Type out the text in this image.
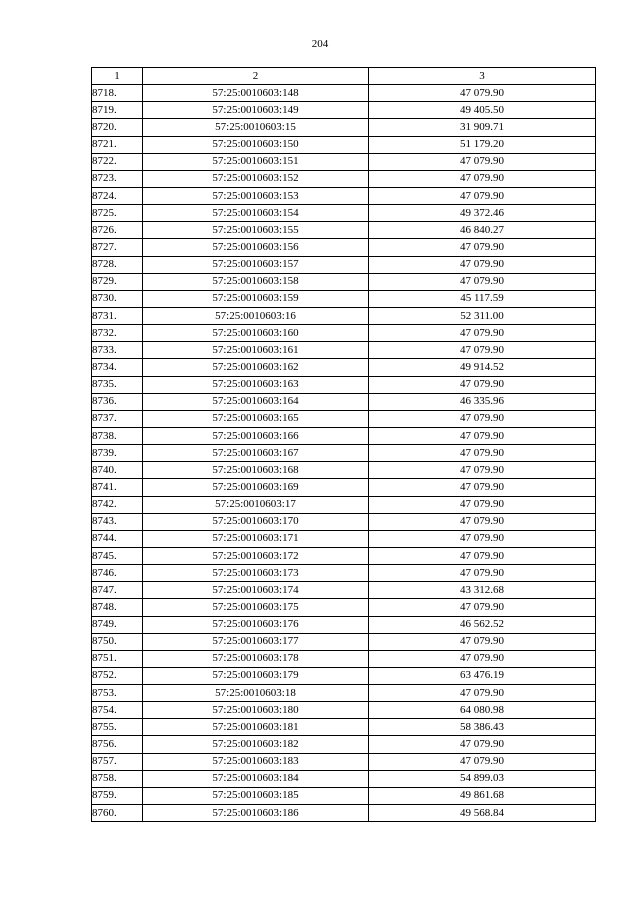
204
1	2	3
8718.	57:25:0010603:148	47 079.90
8719.	57:25:0010603:149	49 405.50
8720.	57:25:0010603:15	31 909.71
8721.	57:25:0010603:150	51 179.20
8722.	57:25:0010603:151	47 079.90
8723.	57:25:0010603:152	47 079.90
8724.	57:25:0010603:153	47 079.90
8725.	57:25:0010603:154	49 372.46
8726.	57:25:0010603:155	46 840.27
8727.	57:25:0010603:156	47 079.90
8728.	57:25:0010603:157	47 079.90
8729.	57:25:0010603:158	47 079.90
8730.	57:25:0010603:159	45 117.59
8731.	57:25:0010603:16	52 311.00
8732.	57:25:0010603:160	47 079.90
8733.	57:25:0010603:161	47 079.90
8734.	57:25:0010603:162	49 914.52
8735.	57:25:0010603:163	47 079.90
8736.	57:25:0010603:164	46 335.96
8737.	57:25:0010603:165	47 079.90
8738.	57:25:0010603:166	47 079.90
8739.	57:25:0010603:167	47 079.90
8740.	57:25:0010603:168	47 079.90
8741.	57:25:0010603:169	47 079.90
8742.	57:25:0010603:17	47 079.90
8743.	57:25:0010603:170	47 079.90
8744.	57:25:0010603:171	47 079.90
8745.	57:25:0010603:172	47 079.90
8746.	57:25:0010603:173	47 079.90
8747.	57:25:0010603:174	43 312.68
8748.	57:25:0010603:175	47 079.90
8749.	57:25:0010603:176	46 562.52
8750.	57:25:0010603:177	47 079.90
8751.	57:25:0010603:178	47 079.90
8752.	57:25:0010603:179	63 476.19
8753.	57:25:0010603:18	47 079.90
8754.	57:25:0010603:180	64 080.98
8755.	57:25:0010603:181	58 386.43
8756.	57:25:0010603:182	47 079.90
8757.	57:25:0010603:183	47 079.90
8758.	57:25:0010603:184	54 899.03
8759.	57:25:0010603:185	49 861.68
8760.	57:25:0010603:186	49 568.84
